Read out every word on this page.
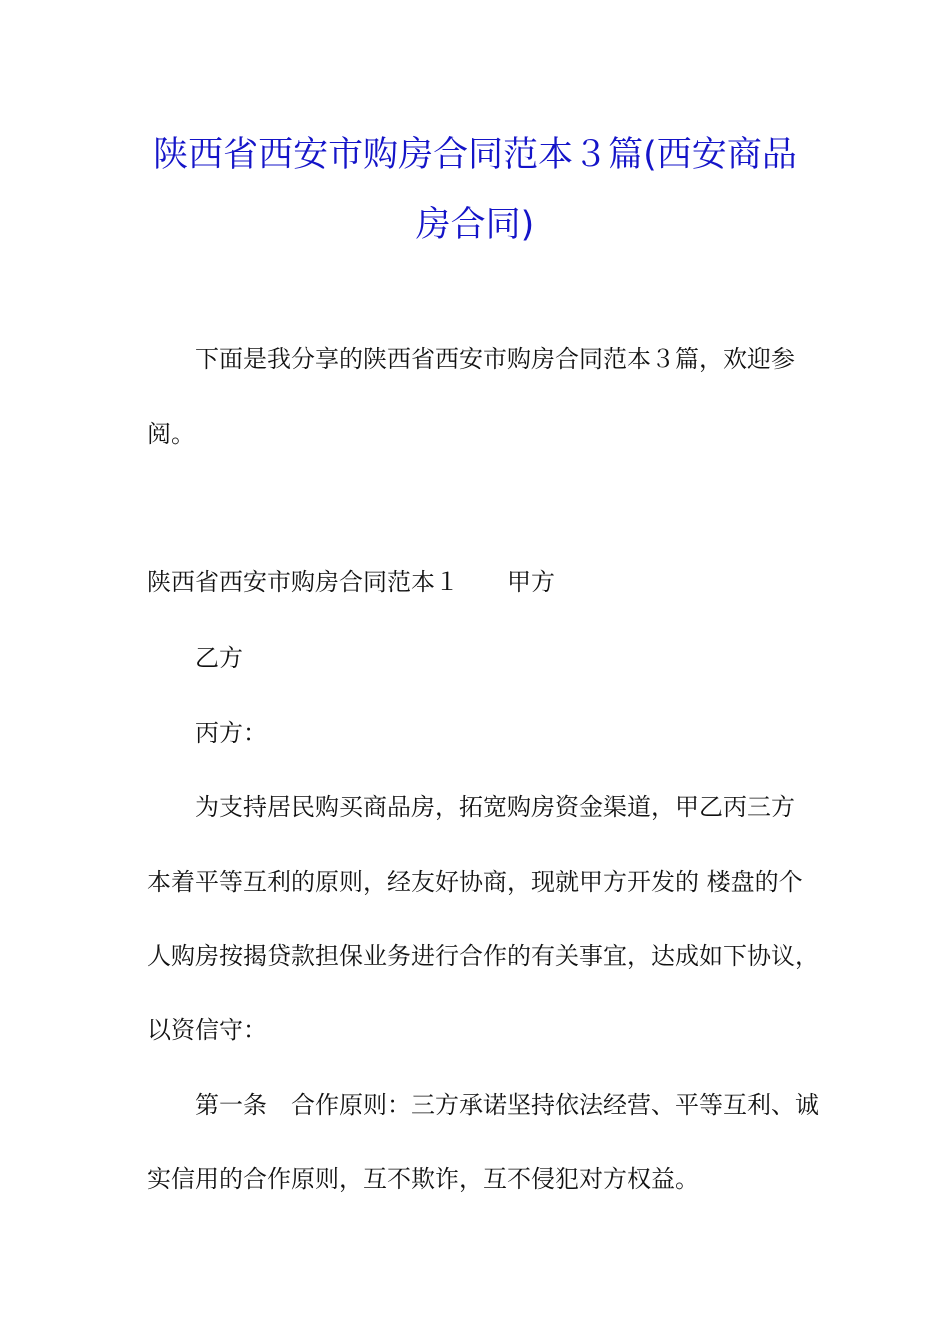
陕西省西安市购房合同范本３篇(西安商品
房合同)
下面是我分享的陕西省西安市购房合同范本３篇，欢迎参
阅。
陕西省西安市购房合同范本１　　甲方
乙方
丙方：
为支持居民购买商品房，拓宽购房资金渠道，甲乙丙三方
本着平等互利的原则，经友好协商，现就甲方开发的 楼盘的个
人购房按揭贷款担保业务进行合作的有关事宜，达成如下协议，
以资信守：
第一条　合作原则：三方承诺坚持依法经营、平等互利、诚
实信用的合作原则，互不欺诈，互不侵犯对方权益。
